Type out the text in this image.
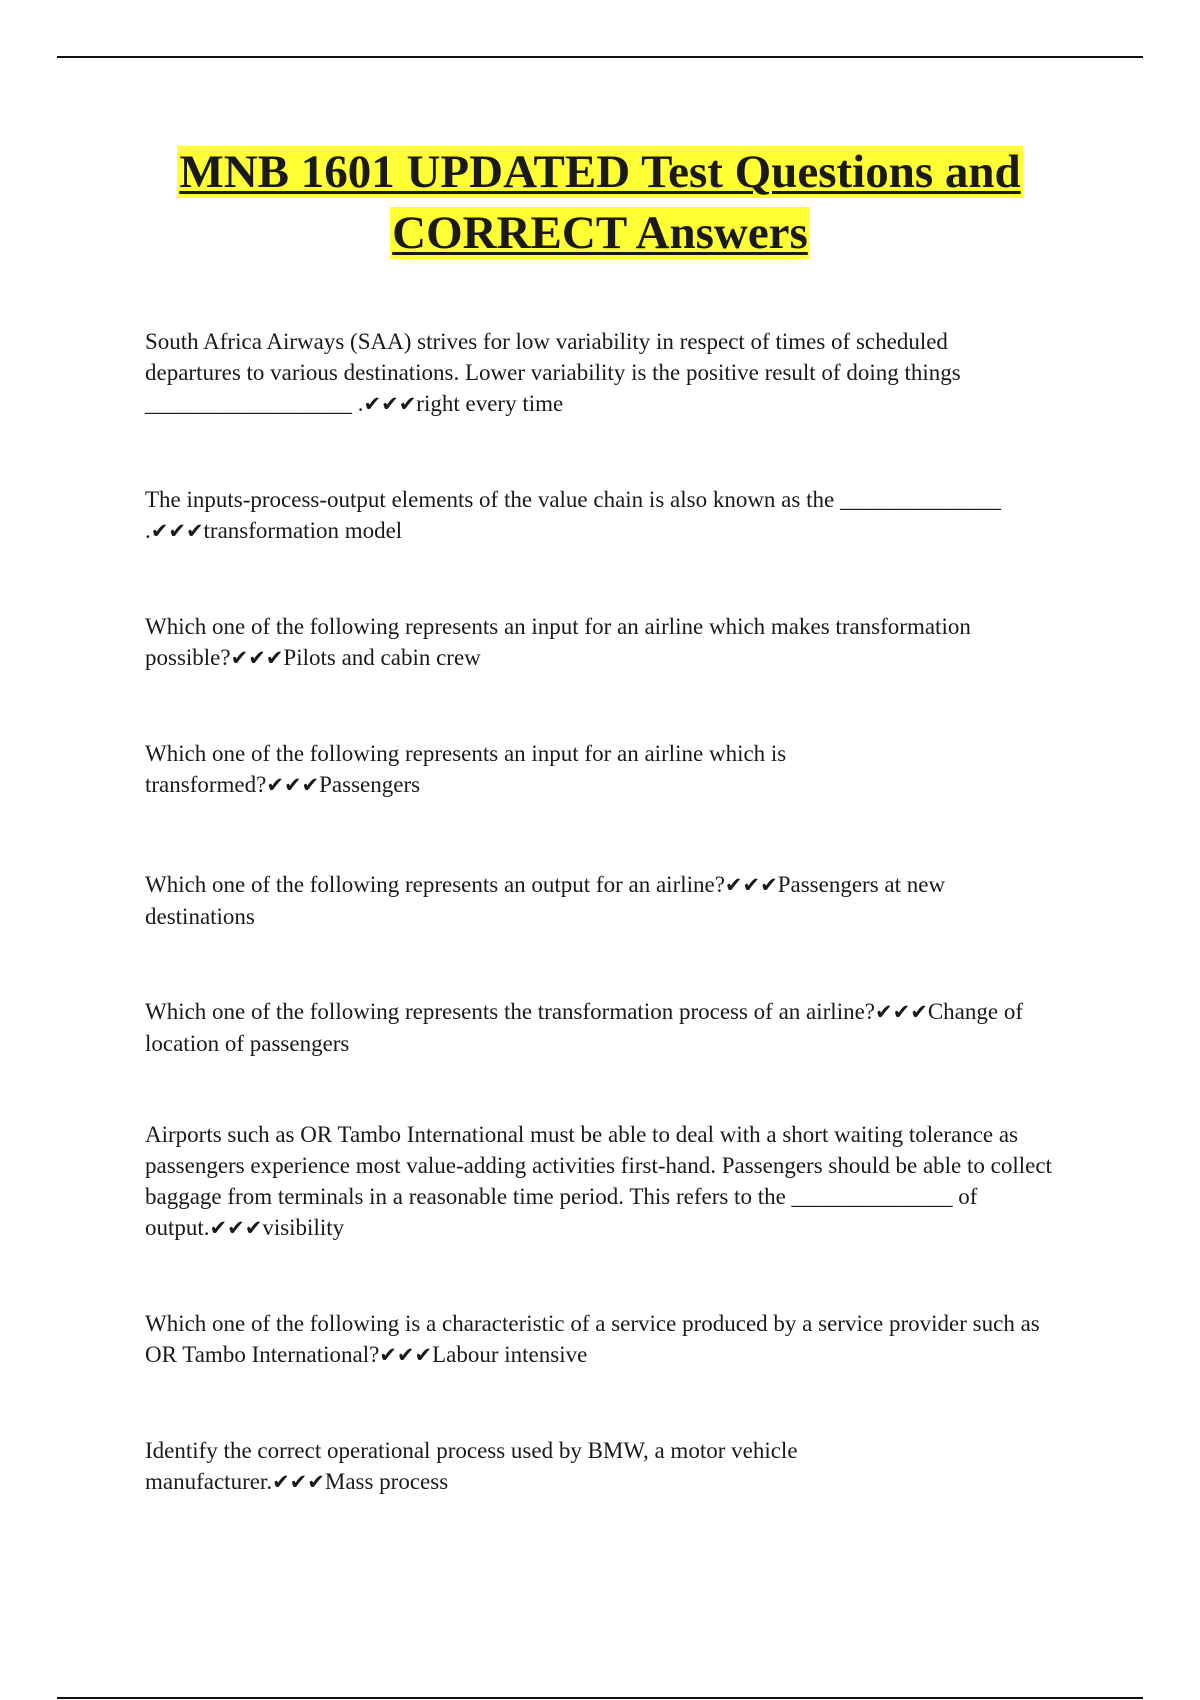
MNB 1601 UPDATED Test Questions and CORRECT Answers

South Africa Airways (SAA) strives for low variability in respect of times of scheduled departures to various destinations. Lower variability is the positive result of doing things __________________ .✔✔✔right every time

The inputs-process-output elements of the value chain is also known as the ______________ .✔✔✔transformation model

Which one of the following represents an input for an airline which makes transformation possible?✔✔✔Pilots and cabin crew

Which one of the following represents an input for an airline which is transformed?✔✔✔Passengers

Which one of the following represents an output for an airline?✔✔✔Passengers at new destinations

Which one of the following represents the transformation process of an airline?✔✔✔Change of location of passengers

Airports such as OR Tambo International must be able to deal with a short waiting tolerance as passengers experience most value-adding activities first-hand. Passengers should be able to collect baggage from terminals in a reasonable time period. This refers to the ______________ of output.✔✔✔visibility

Which one of the following is a characteristic of a service produced by a service provider such as OR Tambo International?✔✔✔Labour intensive

Identify the correct operational process used by BMW, a motor vehicle manufacturer.✔✔✔Mass process
